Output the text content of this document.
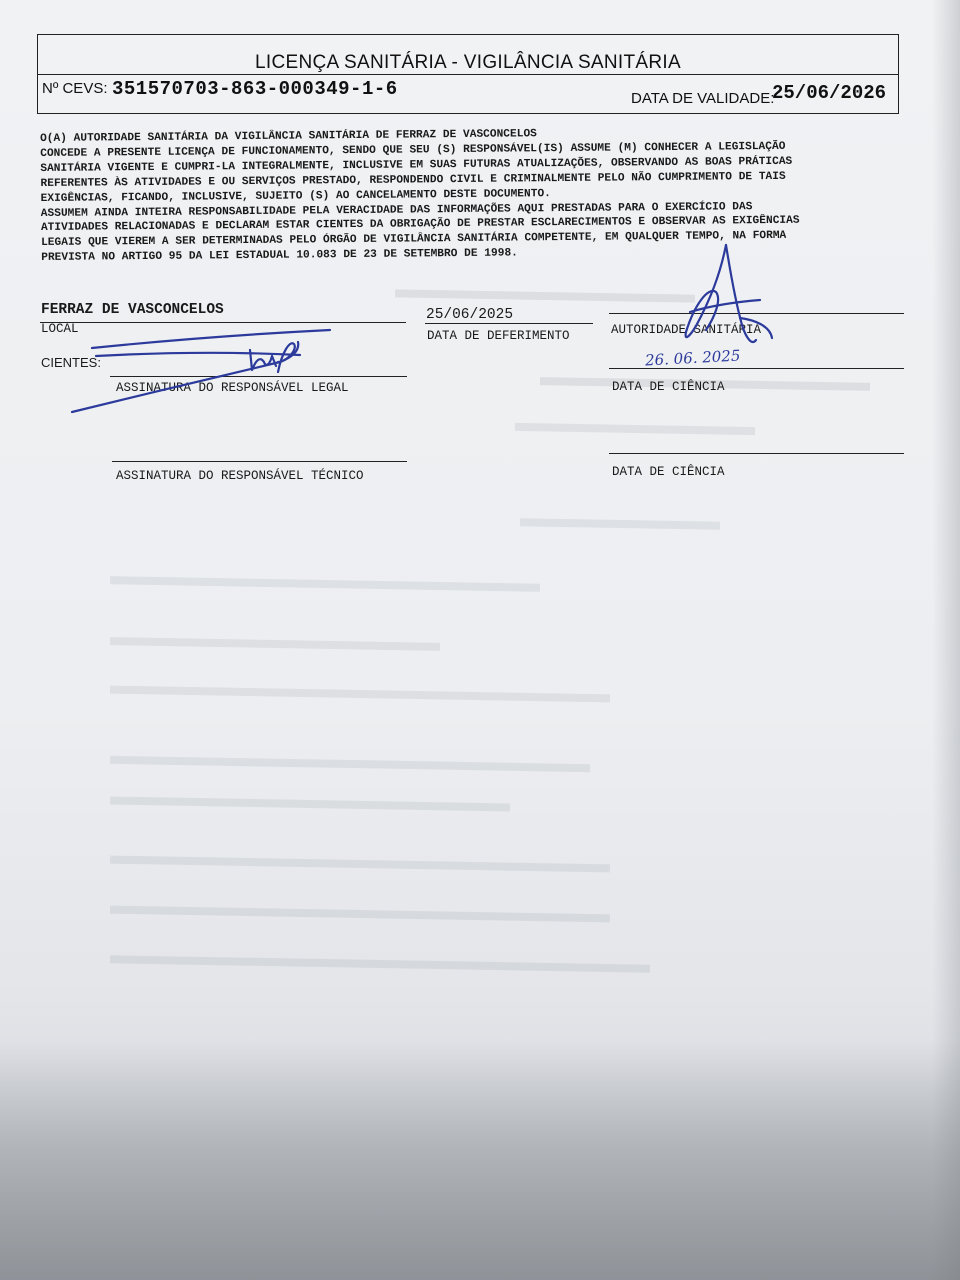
LICENÇA SANITÁRIA - VIGILÂNCIA SANITÁRIA
Nº CEVS: 351570703-863-000349-1-6	DATA DE VALIDADE:
25/06/2026
O(A) AUTORIDADE SANITÁRIA DA VIGILÂNCIA SANITÁRIA DE FERRAZ DE VASCONCELOS
CONCEDE A PRESENTE LICENÇA DE FUNCIONAMENTO, SENDO QUE SEU (S) RESPONSÁVEL(IS) ASSUME (M) CONHECER A LEGISLAÇÃO
SANITÁRIA VIGENTE E CUMPRI-LA INTEGRALMENTE, INCLUSIVE EM SUAS FUTURAS ATUALIZAÇÕES, OBSERVANDO AS BOAS PRÁTICAS
REFERENTES ÀS ATIVIDADES E OU SERVIÇOS PRESTADO, RESPONDENDO CIVIL E CRIMINALMENTE PELO NÃO CUMPRIMENTO DE TAIS
EXIGÊNCIAS, FICANDO, INCLUSIVE, SUJEITO (S) AO CANCELAMENTO DESTE DOCUMENTO.
ASSUMEM AINDA INTEIRA RESPONSABILIDADE PELA VERACIDADE DAS INFORMAÇÕES AQUI PRESTADAS PARA O EXERCÍCIO DAS
ATIVIDADES RELACIONADAS E DECLARAM ESTAR CIENTES DA OBRIGAÇÃO DE PRESTAR ESCLARECIMENTOS E OBSERVAR AS EXIGÊNCIAS
LEGAIS QUE VIEREM A SER DETERMINADAS PELO ÓRGÃO DE VIGILÂNCIA SANITÁRIA COMPETENTE, EM QUALQUER TEMPO, NA FORMA
PREVISTA NO ARTIGO 95 DA LEI ESTADUAL 10.083 DE 23 DE SETEMBRO DE 1998.
FERRAZ DE VASCONCELOS
LOCAL
25/06/2025
DATA DE DEFERIMENTO	AUTORIDADE SANITÁRIA
CIENTES:
ASSINATURA DO RESPONSÁVEL LEGAL
26. 06. 2025
DATA DE CIÊNCIA
ASSINATURA DO RESPONSÁVEL TÉCNICO	DATA DE CIÊNCIA
